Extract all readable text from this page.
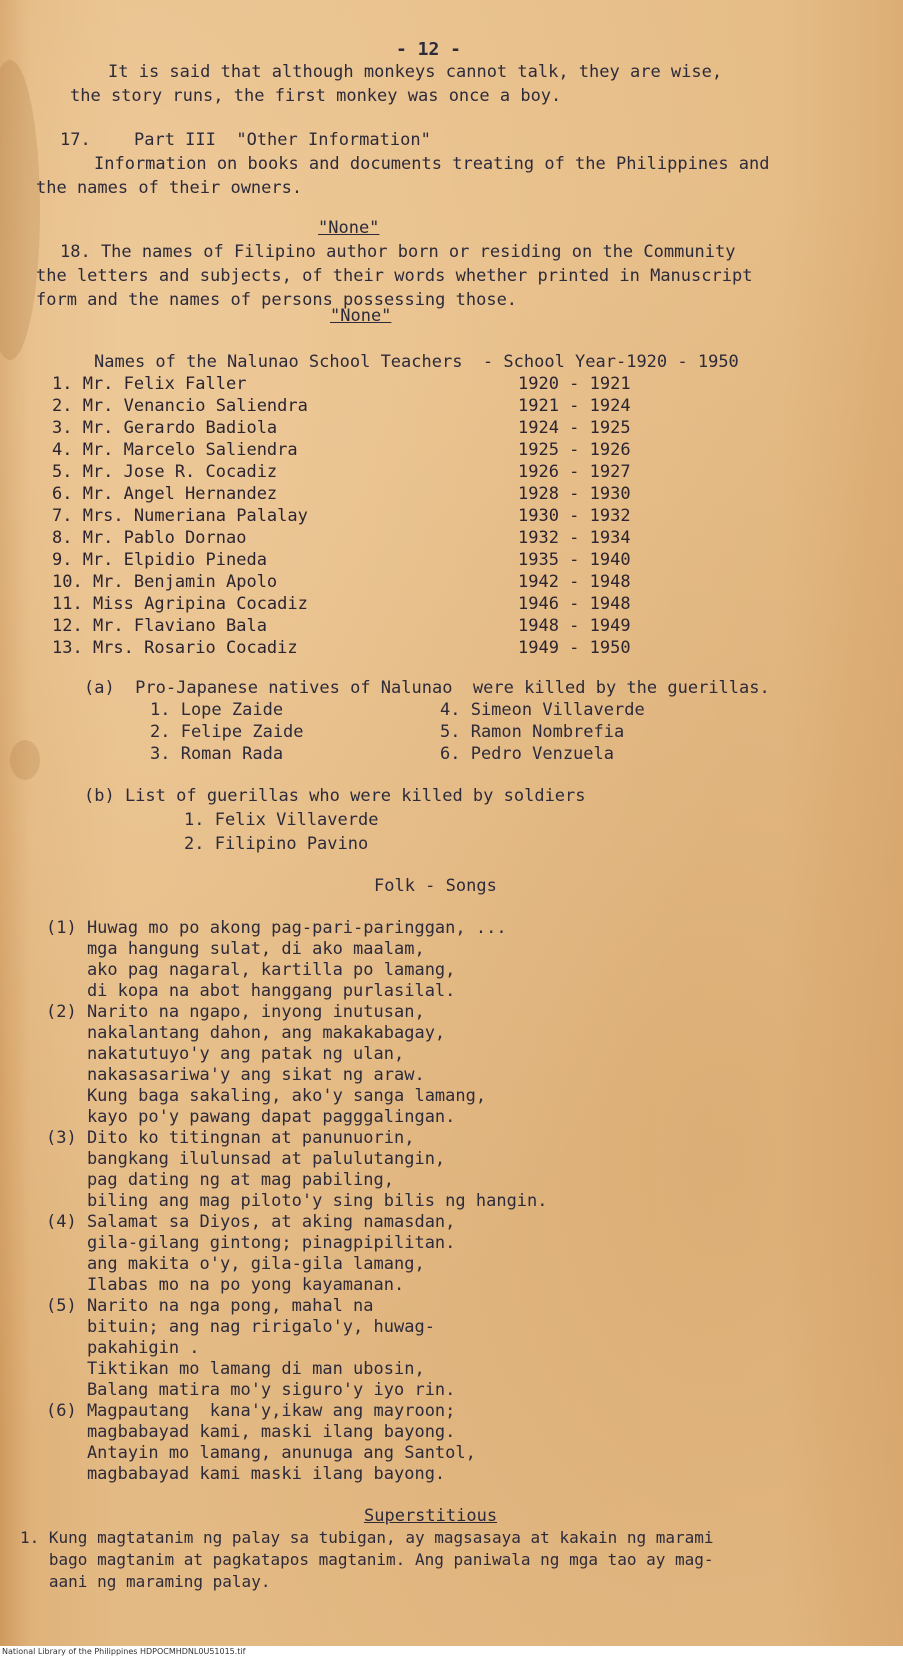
- 12 -
It is said that although monkeys cannot talk, they are wise,
the story runs, the first monkey was once a boy.
17.	Part III  "Other Information"
Information on books and documents treating of the Philippines and
the names of their owners.
"None"
18. The names of Filipino author born or residing on the Community
the letters and subjects, of their words whether printed in Manuscript
form and the names of persons possessing those.
"None"
Names of the Nalunao School Teachers  - School Year-1920 - 1950
1. Mr. Felix Faller	1920 - 1921
2. Mr. Venancio Saliendra	1921 - 1924
3. Mr. Gerardo Badiola	1924 - 1925
4. Mr. Marcelo Saliendra	1925 - 1926
5. Mr. Jose R. Cocadiz	1926 - 1927
6. Mr. Angel Hernandez	1928 - 1930
7. Mrs. Numeriana Palalay	1930 - 1932
8. Mr. Pablo Dornao	1932 - 1934
9. Mr. Elpidio Pineda	1935 - 1940
10. Mr. Benjamin Apolo	1942 - 1948
11. Miss Agripina Cocadiz	1946 - 1948
12. Mr. Flaviano Bala	1948 - 1949
13. Mrs. Rosario Cocadiz	1949 - 1950
(a)  Pro-Japanese natives of Nalunao  were killed by the guerillas.
1. Lope Zaide
2. Felipe Zaide
3. Roman Rada
4. Simeon Villaverde
5. Ramon Nombrefia
6. Pedro Venzuela
(b) List of guerillas who were killed by soldiers
1. Felix Villaverde
2. Filipino Pavino
Folk - Songs
(1) Huwag mo po akong pag-pari-paringgan, ...
mga hangung sulat, di ako maalam,
ako pag nagaral, kartilla po lamang,
di kopa na abot hanggang purlasilal.
(2) Narito na ngapo, inyong inutusan,
nakalantang dahon, ang makakabagay,
nakatutuyo'y ang patak ng ulan,
nakasasariwa'y ang sikat ng araw.
Kung baga sakaling, ako'y sanga lamang,
kayo po'y pawang dapat pagggalingan.
(3) Dito ko titingnan at panunuorin,
bangkang ilulunsad at palulutangin,
pag dating ng at mag pabiling,
biling ang mag piloto'y sing bilis ng hangin.
(4) Salamat sa Diyos, at aking namasdan,
gila-gilang gintong; pinagpipilitan.
ang makita o'y, gila-gila lamang,
Ilabas mo na po yong kayamanan.
(5) Narito na nga pong, mahal na
bituin; ang nag ririgalo'y, huwag-
pakahigin .
Tiktikan mo lamang di man ubosin,
Balang matira mo'y siguro'y iyo rin.
(6) Magpautang  kana'y,ikaw ang mayroon;
magbabayad kami, maski ilang bayong.
Antayin mo lamang, anunuga ang Santol,
magbabayad kami maski ilang bayong.
Superstitious
1. Kung magtatanim ng palay sa tubigan, ay magsasaya at kakain ng marami
bago magtanim at pagkatapos magtanim. Ang paniwala ng mga tao ay mag-
aani ng maraming palay.
National Library of the Philippines HDPOCMHDNL0U51015.tif
